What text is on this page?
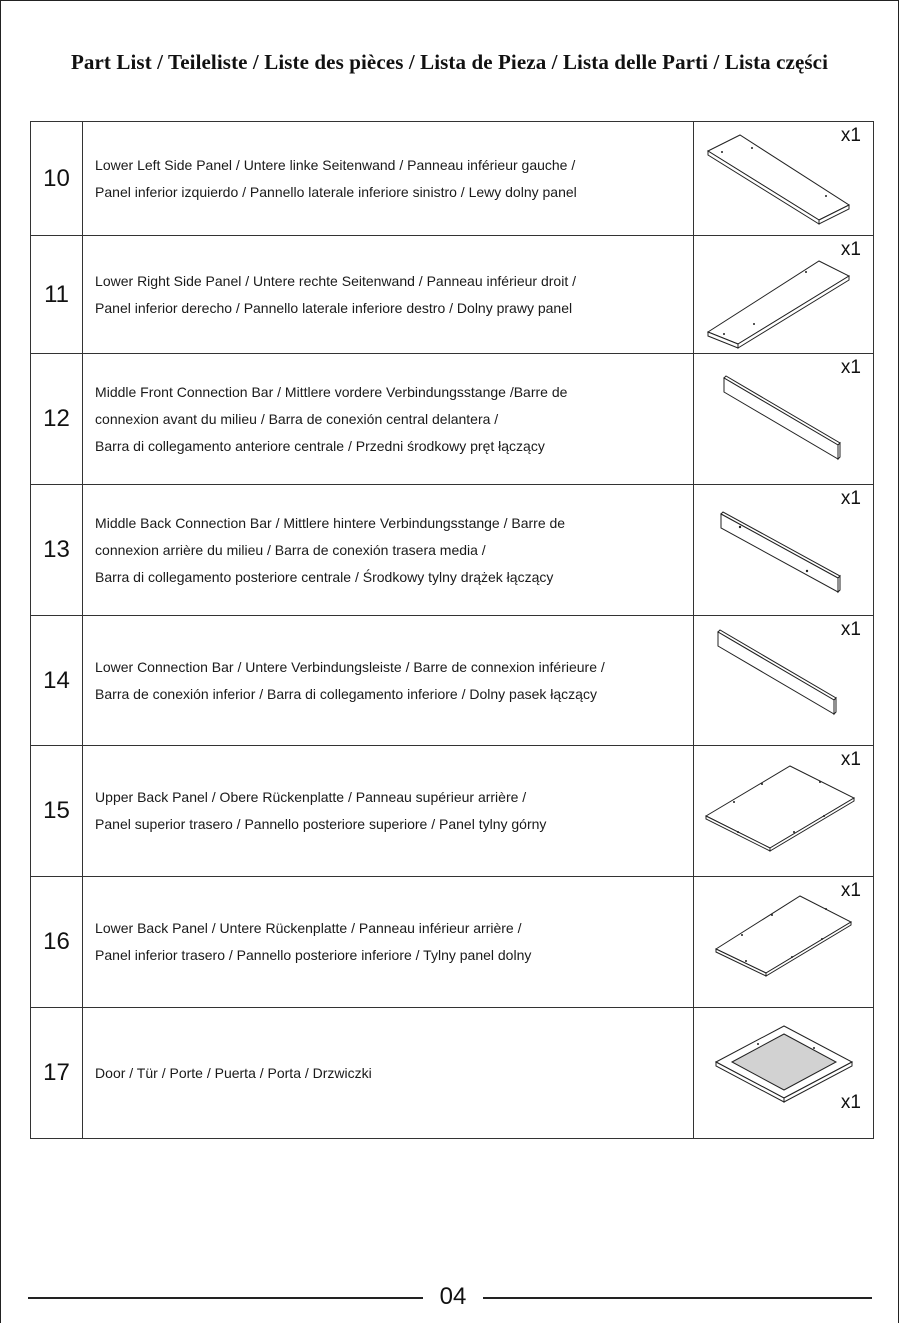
Part List / Teileliste / Liste des pièces / Lista de Pieza / Lista delle Parti / Lista części
10	Lower Left Side Panel / Untere linke Seitenwand / Panneau inférieur gauche /
Panel inferior izquierdo / Pannello laterale inferiore sinistro / Lewy dolny panel	x1

11	Lower Right Side Panel / Untere rechte Seitenwand / Panneau inférieur droit /
Panel inferior derecho / Pannello laterale inferiore destro / Dolny prawy panel	x1

12	Middle Front Connection Bar / Mittlere vordere Verbindungsstange /Barre de
connexion avant du milieu / Barra de conexión central delantera /
Barra di collegamento anteriore centrale / Przedni środkowy pręt łączący	x1

13	Middle Back Connection Bar / Mittlere hintere Verbindungsstange / Barre de
connexion arrière du milieu / Barra de conexión trasera media /
Barra di collegamento posteriore centrale / Środkowy tylny drążek łączący	x1

14	Lower Connection Bar / Untere Verbindungsleiste / Barre de connexion inférieure /
Barra de conexión inferior / Barra di collegamento inferiore / Dolny pasek łączący	x1

15	Upper Back Panel / Obere Rückenplatte / Panneau supérieur arrière /
Panel superior trasero / Pannello posteriore superiore / Panel tylny górny	x1

16	Lower Back Panel / Untere Rückenplatte / Panneau inférieur arrière /
Panel inferior trasero / Pannello posteriore inferiore / Tylny panel dolny	x1

17	Door / Tür / Porte / Puerta / Porta / Drzwiczki	x1
04
